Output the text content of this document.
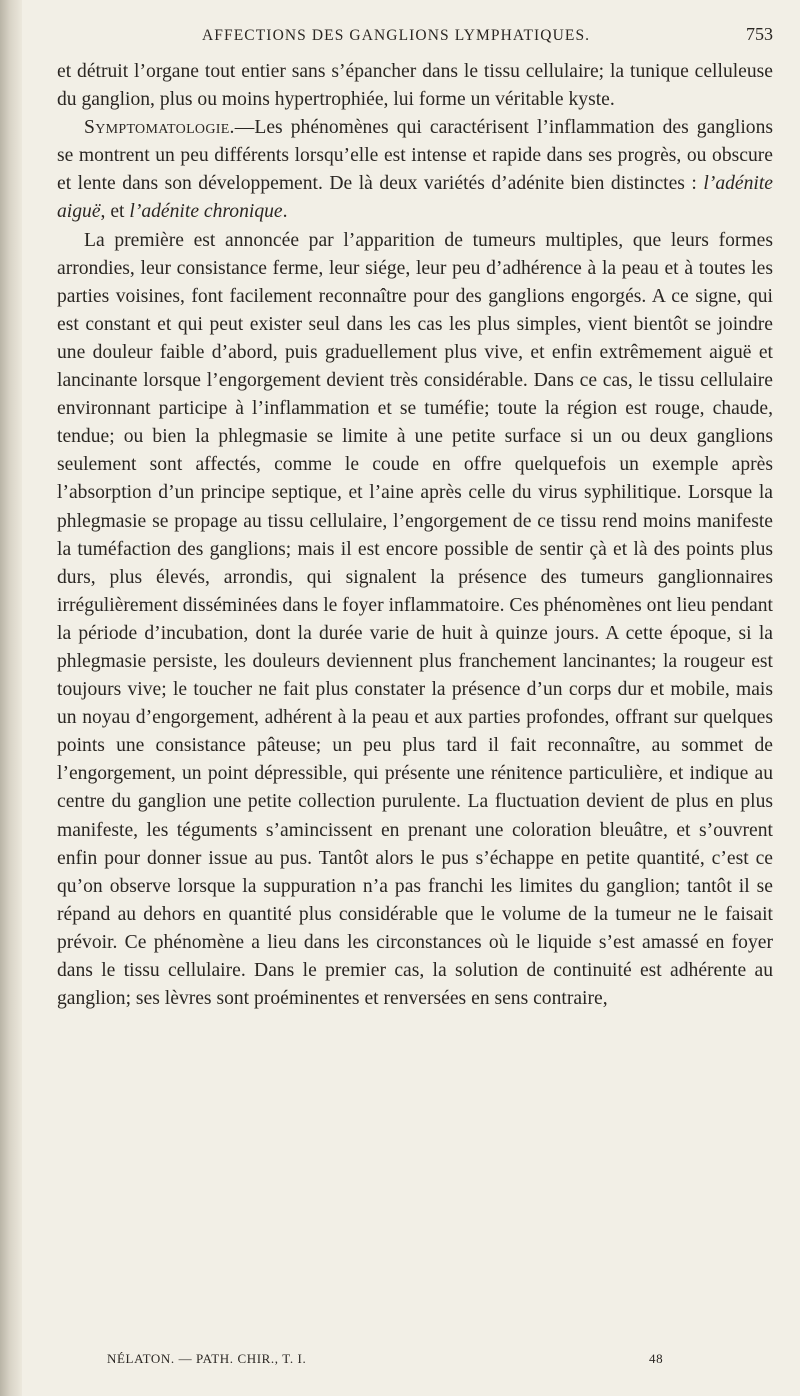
AFFECTIONS DES GANGLIONS LYMPHATIQUES.	753

et détruit l’organe tout entier sans s’épancher dans le tissu cellulaire; la tunique celluleuse du ganglion, plus ou moins hypertrophiée, lui forme un véritable kyste.

Symptomatologie.—Les phénomènes qui caractérisent l’inflammation des ganglions se montrent un peu différents lorsqu’elle est intense et rapide dans ses progrès, ou obscure et lente dans son développement. De là deux variétés d’adénite bien distinctes : l’adénite aiguë, et l’adénite chronique.

La première est annoncée par l’apparition de tumeurs multiples, que leurs formes arrondies, leur consistance ferme, leur siége, leur peu d’adhérence à la peau et à toutes les parties voisines, font facilement reconnaître pour des ganglions engorgés. A ce signe, qui est constant et qui peut exister seul dans les cas les plus simples, vient bientôt se joindre une douleur faible d’abord, puis graduellement plus vive, et enfin extrêmement aiguë et lancinante lorsque l’engorgement devient très considérable. Dans ce cas, le tissu cellulaire environnant participe à l’inflammation et se tuméfie; toute la région est rouge, chaude, tendue; ou bien la phlegmasie se limite à une petite surface si un ou deux ganglions seulement sont affectés, comme le coude en offre quelquefois un exemple après l’absorption d’un principe septique, et l’aine après celle du virus syphilitique. Lorsque la phlegmasie se propage au tissu cellulaire, l’engorgement de ce tissu rend moins manifeste la tuméfaction des ganglions; mais il est encore possible de sentir çà et là des points plus durs, plus élevés, arrondis, qui signalent la présence des tumeurs ganglionnaires irrégulièrement disséminées dans le foyer inflammatoire. Ces phénomènes ont lieu pendant la période d’incubation, dont la durée varie de huit à quinze jours. A cette époque, si la phlegmasie persiste, les douleurs deviennent plus franchement lancinantes; la rougeur est toujours vive; le toucher ne fait plus constater la présence d’un corps dur et mobile, mais un noyau d’engorgement, adhérent à la peau et aux parties profondes, offrant sur quelques points une consistance pâteuse; un peu plus tard il fait reconnaître, au sommet de l’engorgement, un point dépressible, qui présente une rénitence particulière, et indique au centre du ganglion une petite collection purulente. La fluctuation devient de plus en plus manifeste, les téguments s’amincissent en prenant une coloration bleuâtre, et s’ouvrent enfin pour donner issue au pus. Tantôt alors le pus s’échappe en petite quantité, c’est ce qu’on observe lorsque la suppuration n’a pas franchi les limites du ganglion; tantôt il se répand au dehors en quantité plus considérable que le volume de la tumeur ne le faisait prévoir. Ce phénomène a lieu dans les circonstances où le liquide s’est amassé en foyer dans le tissu cellulaire. Dans le premier cas, la solution de continuité est adhérente au ganglion; ses lèvres sont proéminentes et renversées en sens contraire,

NÉLATON. — PATH. CHIR., T. I.	48
